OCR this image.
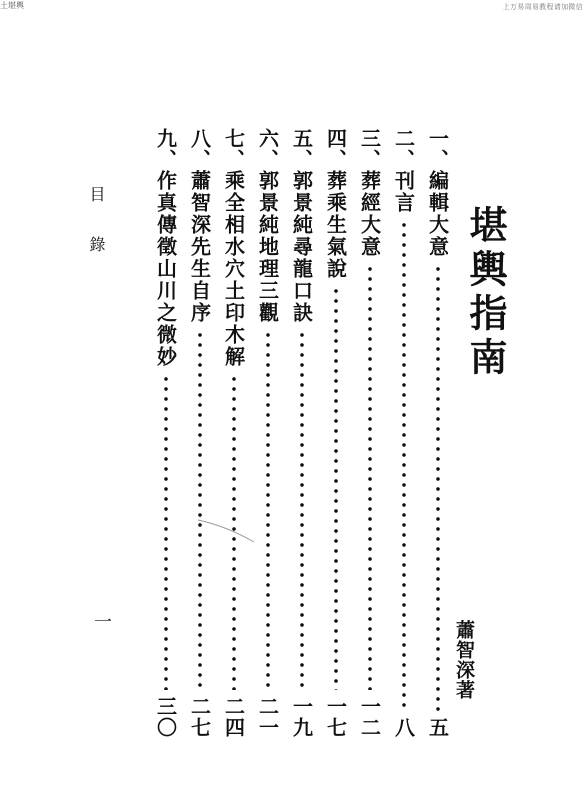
上万易周易教程请加微信
堪輿指南
蕭智深著
一、
編輯大意
五
二、
刊言
八
三、
葬經大意
一二
四、
葬乘生氣說
一七
五、
郭景純尋龍口訣
一九
六、
郭景純地理三觀
二一
七、
乘全相水穴土印木解
二四
八、
蕭智深先生自序
二七
九、
作真傳徵山川之微妙
三〇
目錄
一
土堪輿
